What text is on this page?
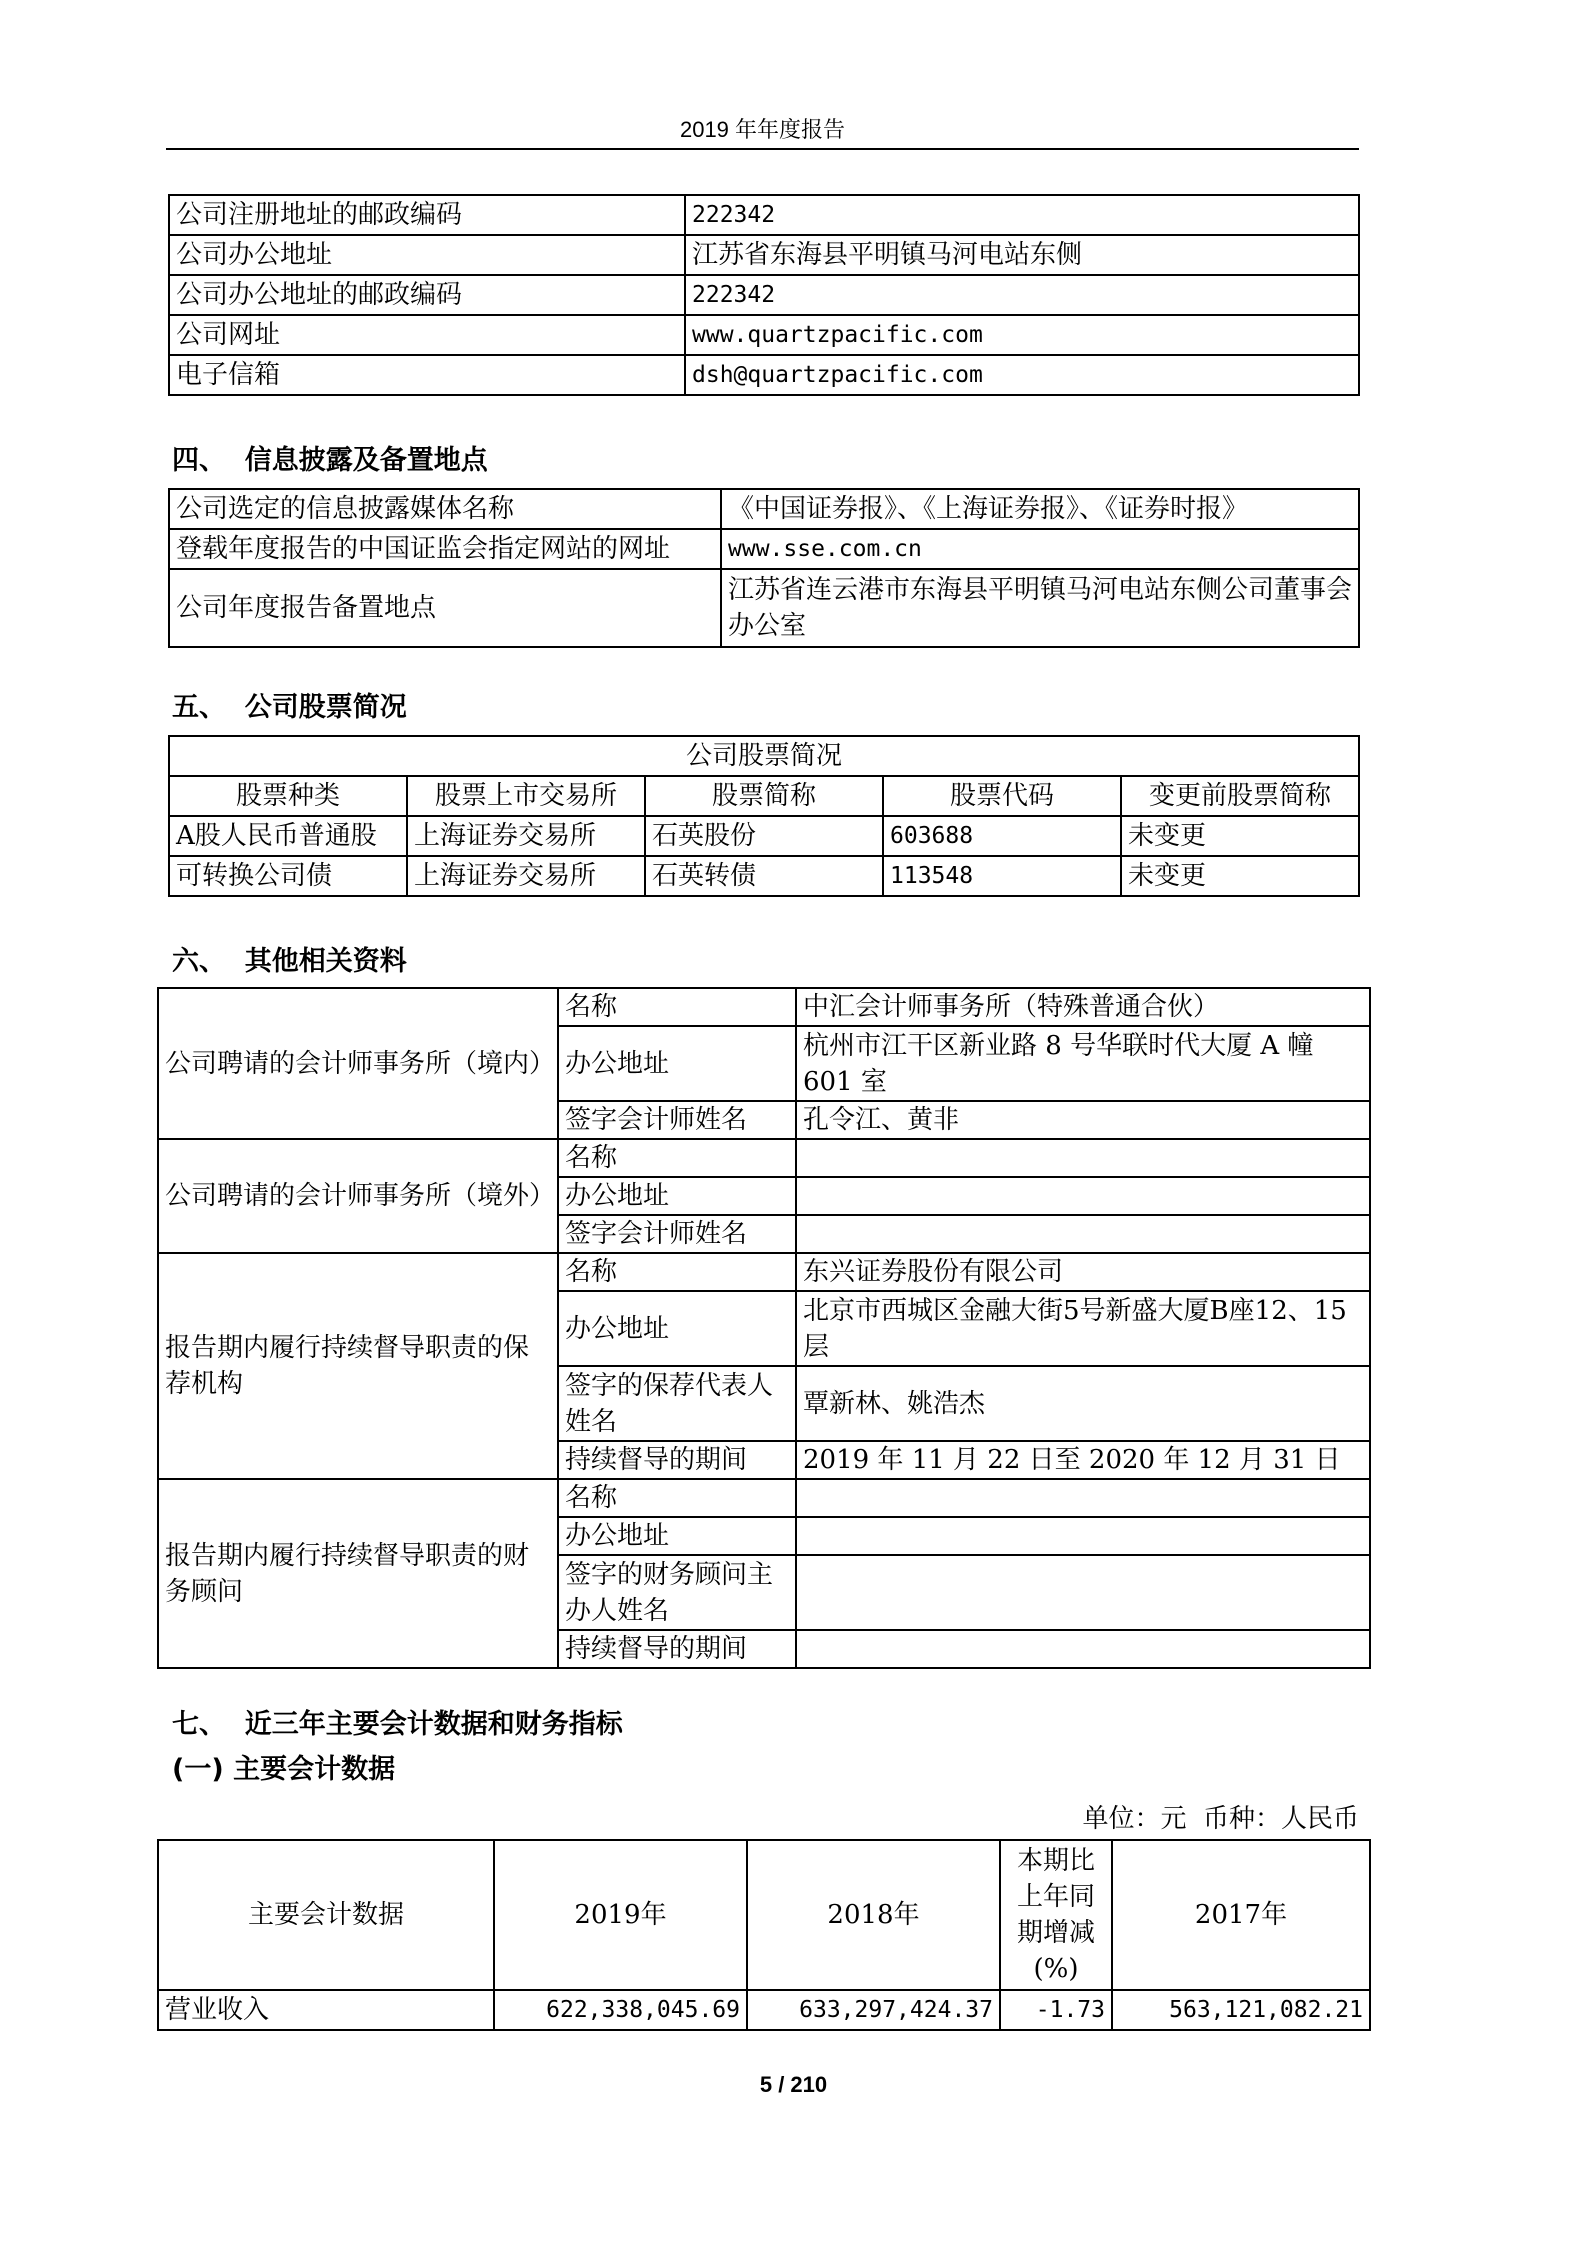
2019 年年度报告
公司注册地址的邮政编码	222342
公司办公地址	江苏省东海县平明镇马河电站东侧
公司办公地址的邮政编码	222342
公司网址	www.quartzpacific.com
电子信箱	dsh@quartzpacific.com
四、  信息披露及备置地点
公司选定的信息披露媒体名称	《中国证券报》、《上海证券报》、《证券时报》
登载年度报告的中国证监会指定网站的网址	www.sse.com.cn
公司年度报告备置地点	江苏省连云港市东海县平明镇马河电站东侧公司董事会办公室
五、  公司股票简况
公司股票简况				
股票种类	股票上市交易所	股票简称	股票代码	变更前股票简称
A股人民币普通股	上海证券交易所	石英股份	603688	未变更
可转换公司债	上海证券交易所	石英转债	113548	未变更
六、  其他相关资料
公司聘请的会计师事务所（境内）	名称	中汇会计师事务所（特殊普通合伙）
	办公地址	杭州市江干区新业路 8 号华联时代大厦 A 幢 601 室
	签字会计师姓名	孔令江、黄非
公司聘请的会计师事务所（境外）	名称	
	办公地址	
	签字会计师姓名	
报告期内履行持续督导职责的保荐机构	名称	东兴证券股份有限公司
	办公地址	北京市西城区金融大街5号新盛大厦B座12、15层
	签字的保荐代表人姓名	覃新林、姚浩杰
	持续督导的期间	2019 年 11 月 22 日至 2020 年 12 月 31 日
报告期内履行持续督导职责的财务顾问	名称	
	办公地址	
	签字的财务顾问主办人姓名	
	持续督导的期间	
七、  近三年主要会计数据和财务指标
(一) 主要会计数据
单位：元  币种：人民币
主要会计数据	2019年	2018年	本期比上年同期增减(%)	2017年
营业收入	622,338,045.69	633,297,424.37	-1.73	563,121,082.21
5 / 210
